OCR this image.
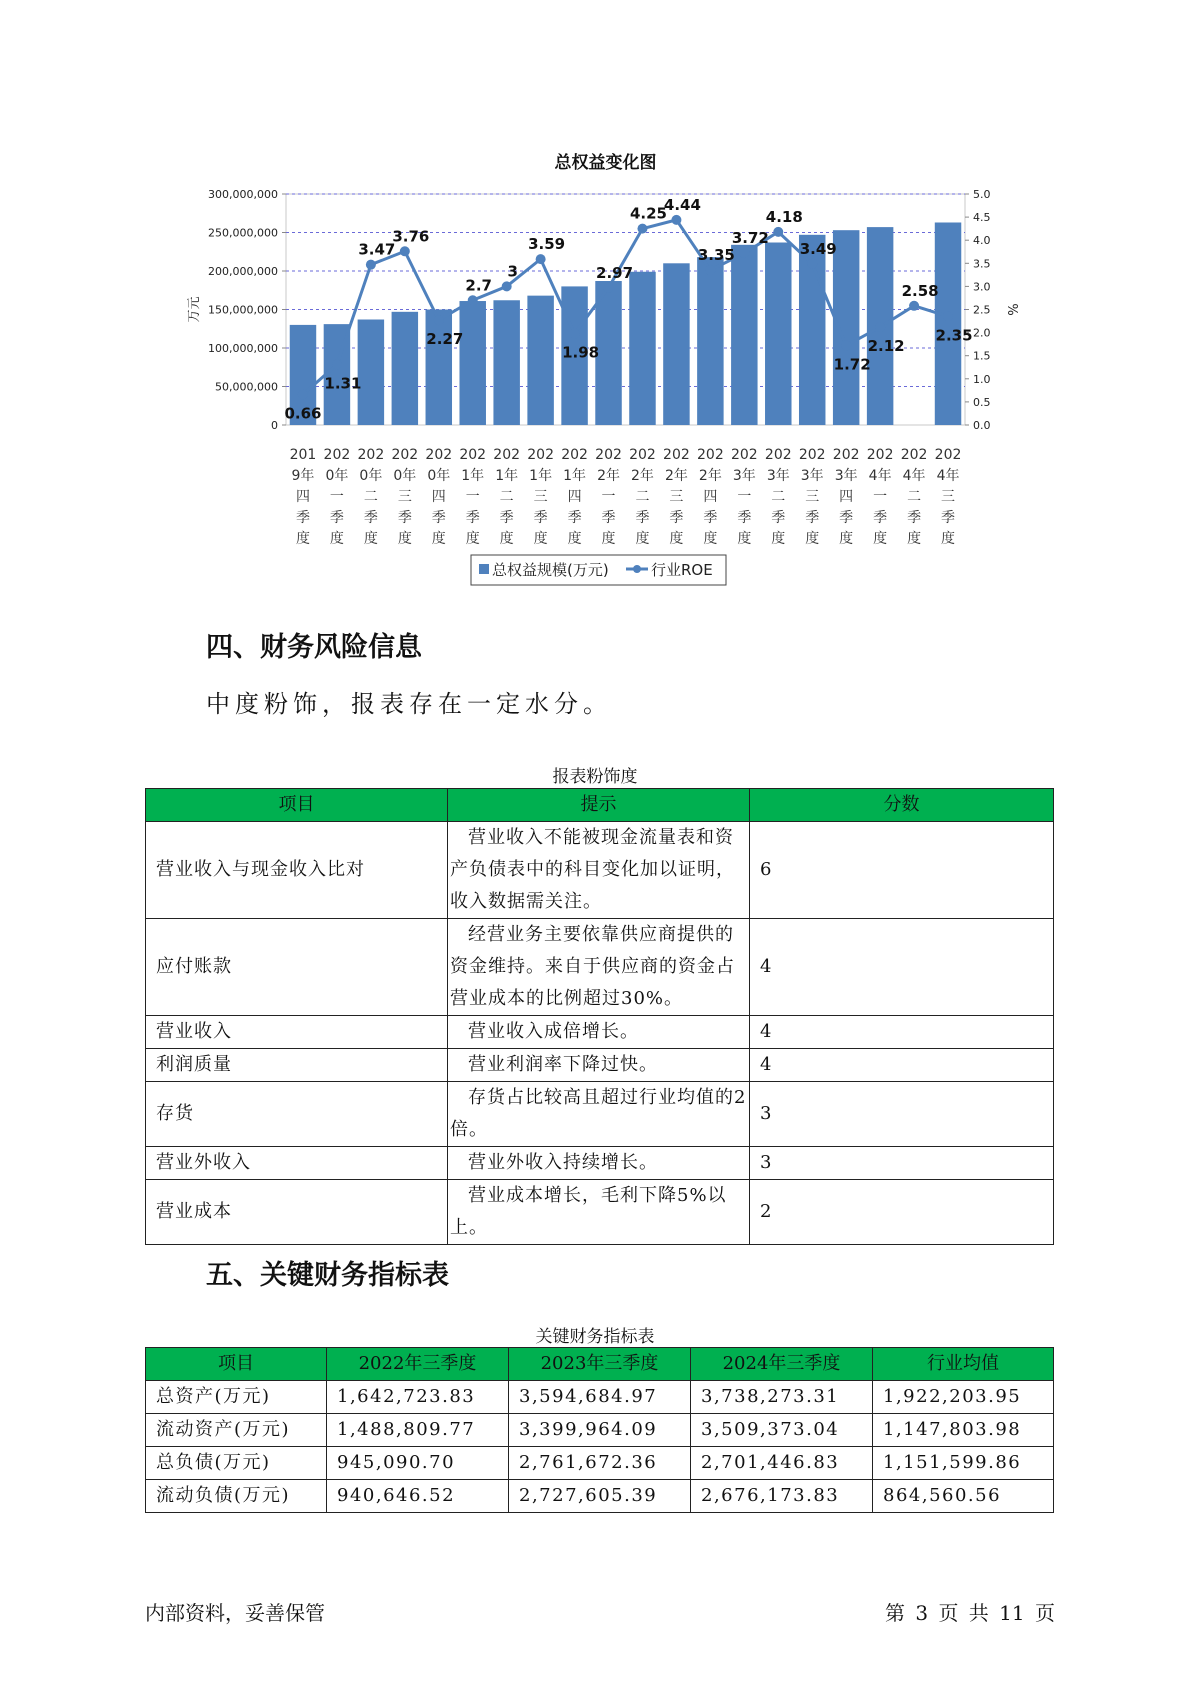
总权益变化图
0
50,000,000
100,000,000
150,000,000
200,000,000
250,000,000
300,000,000
0.0
0.5
1.0
1.5
2.0
2.5
3.0
3.5
4.0
4.5
5.0
万元	%
201 9年四季度
202 0年一季度
202 0年二季度
202 0年三季度
202 0年四季度
202 1年一季度
202 1年二季度
202 1年三季度
202 1年四季度
202 2年一季度
202 2年二季度
202 2年三季度
202 2年四季度
202 3年一季度
202 3年二季度
202 3年三季度
202 3年四季度
202 4年一季度
202 4年二季度
202 4年三季度
0.66
1.31
3.47
3.76
2.27
2.7
3
3.59
1.98
2.97
4.25
4.44
3.35
3.72
4.18
3.49
1.72
2.12
2.58
2.35
总权益规模(万元)	行业ROE
四、财务风险信息

中度粉饰，报表存在一定水分。

报表粉饰度
项目	提示	分数
营业收入与现金收入比对	营业收入不能被现金流量表和资产负债表中的科目变化加以证明，收入数据需关注。	6
应付账款	经营业务主要依靠供应商提供的资金维持。来自于供应商的资金占营业成本的比例超过30%。	4
营业收入	营业收入成倍增长。	4
利润质量	营业利润率下降过快。	4
存货	存货占比较高且超过行业均值的2倍。	3
营业外收入	营业外收入持续增长。	3
营业成本	营业成本增长，毛利下降5%以上。	2
五、关键财务指标表
关键财务指标表
项目	2022年三季度	2023年三季度	2024年三季度	行业均值
总资产(万元)	1,642,723.83	3,594,684.97	3,738,273.31	1,922,203.95
流动资产(万元)	1,488,809.77	3,399,964.09	3,509,373.04	1,147,803.98
总负债(万元)	945,090.70	2,761,672.36	2,701,446.83	1,151,599.86
流动负债(万元)	940,646.52	2,727,605.39	2,676,173.83	864,560.56
内部资料，妥善保管	第 3 页 共 11 页
